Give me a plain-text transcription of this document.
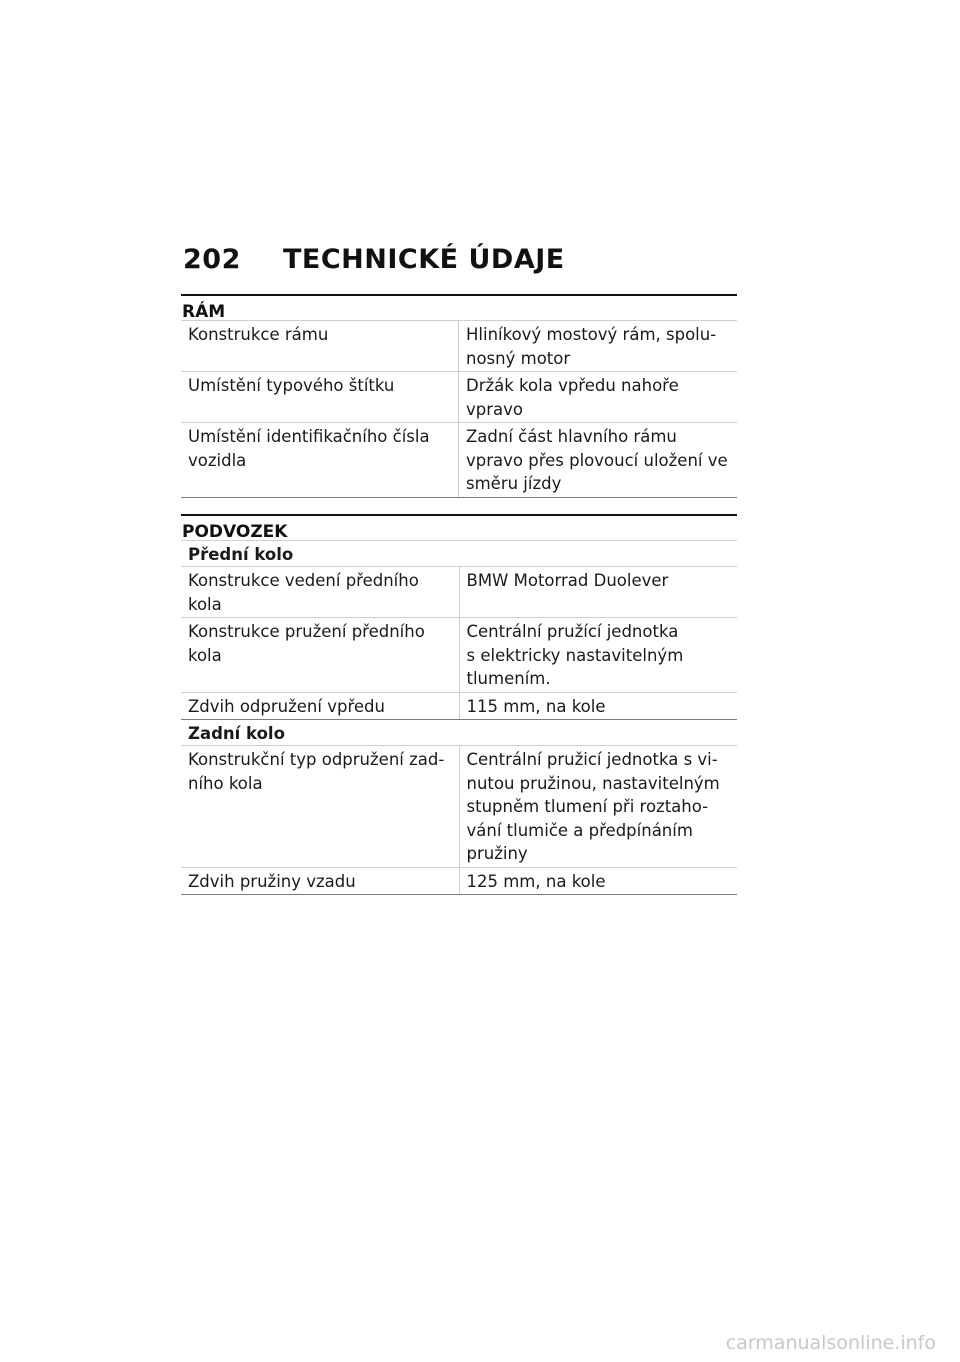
202	TECHNICKÉ ÚDAJE
RÁM
Konstrukce rámu	Hliníkový mostový rám, spolu-
nosný motor
Umístění typového štítku	Držák kola vpředu nahoře
vpravo
Umístění identifikačního čísla
vozidla	Zadní část hlavního rámu
vpravo přes plovoucí uložení ve
směru jízdy
PODVOZEK
Přední kolo	
Konstrukce vedení předního
kola	BMW Motorrad Duolever
Konstrukce pružení předního
kola	Centrální pružící jednotka
s elektricky nastavitelným
tlumením.
Zdvih odpružení vpředu	115 mm, na kole
Zadní kolo	
Konstrukční typ odpružení zad-
ního kola	Centrální pružicí jednotka s vi-
nutou pružinou, nastavitelným
stupněm tlumení při roztaho-
vání tlumiče a předpínáním
pružiny
Zdvih pružiny vzadu	125 mm, na kole
carmanualsonline.info
